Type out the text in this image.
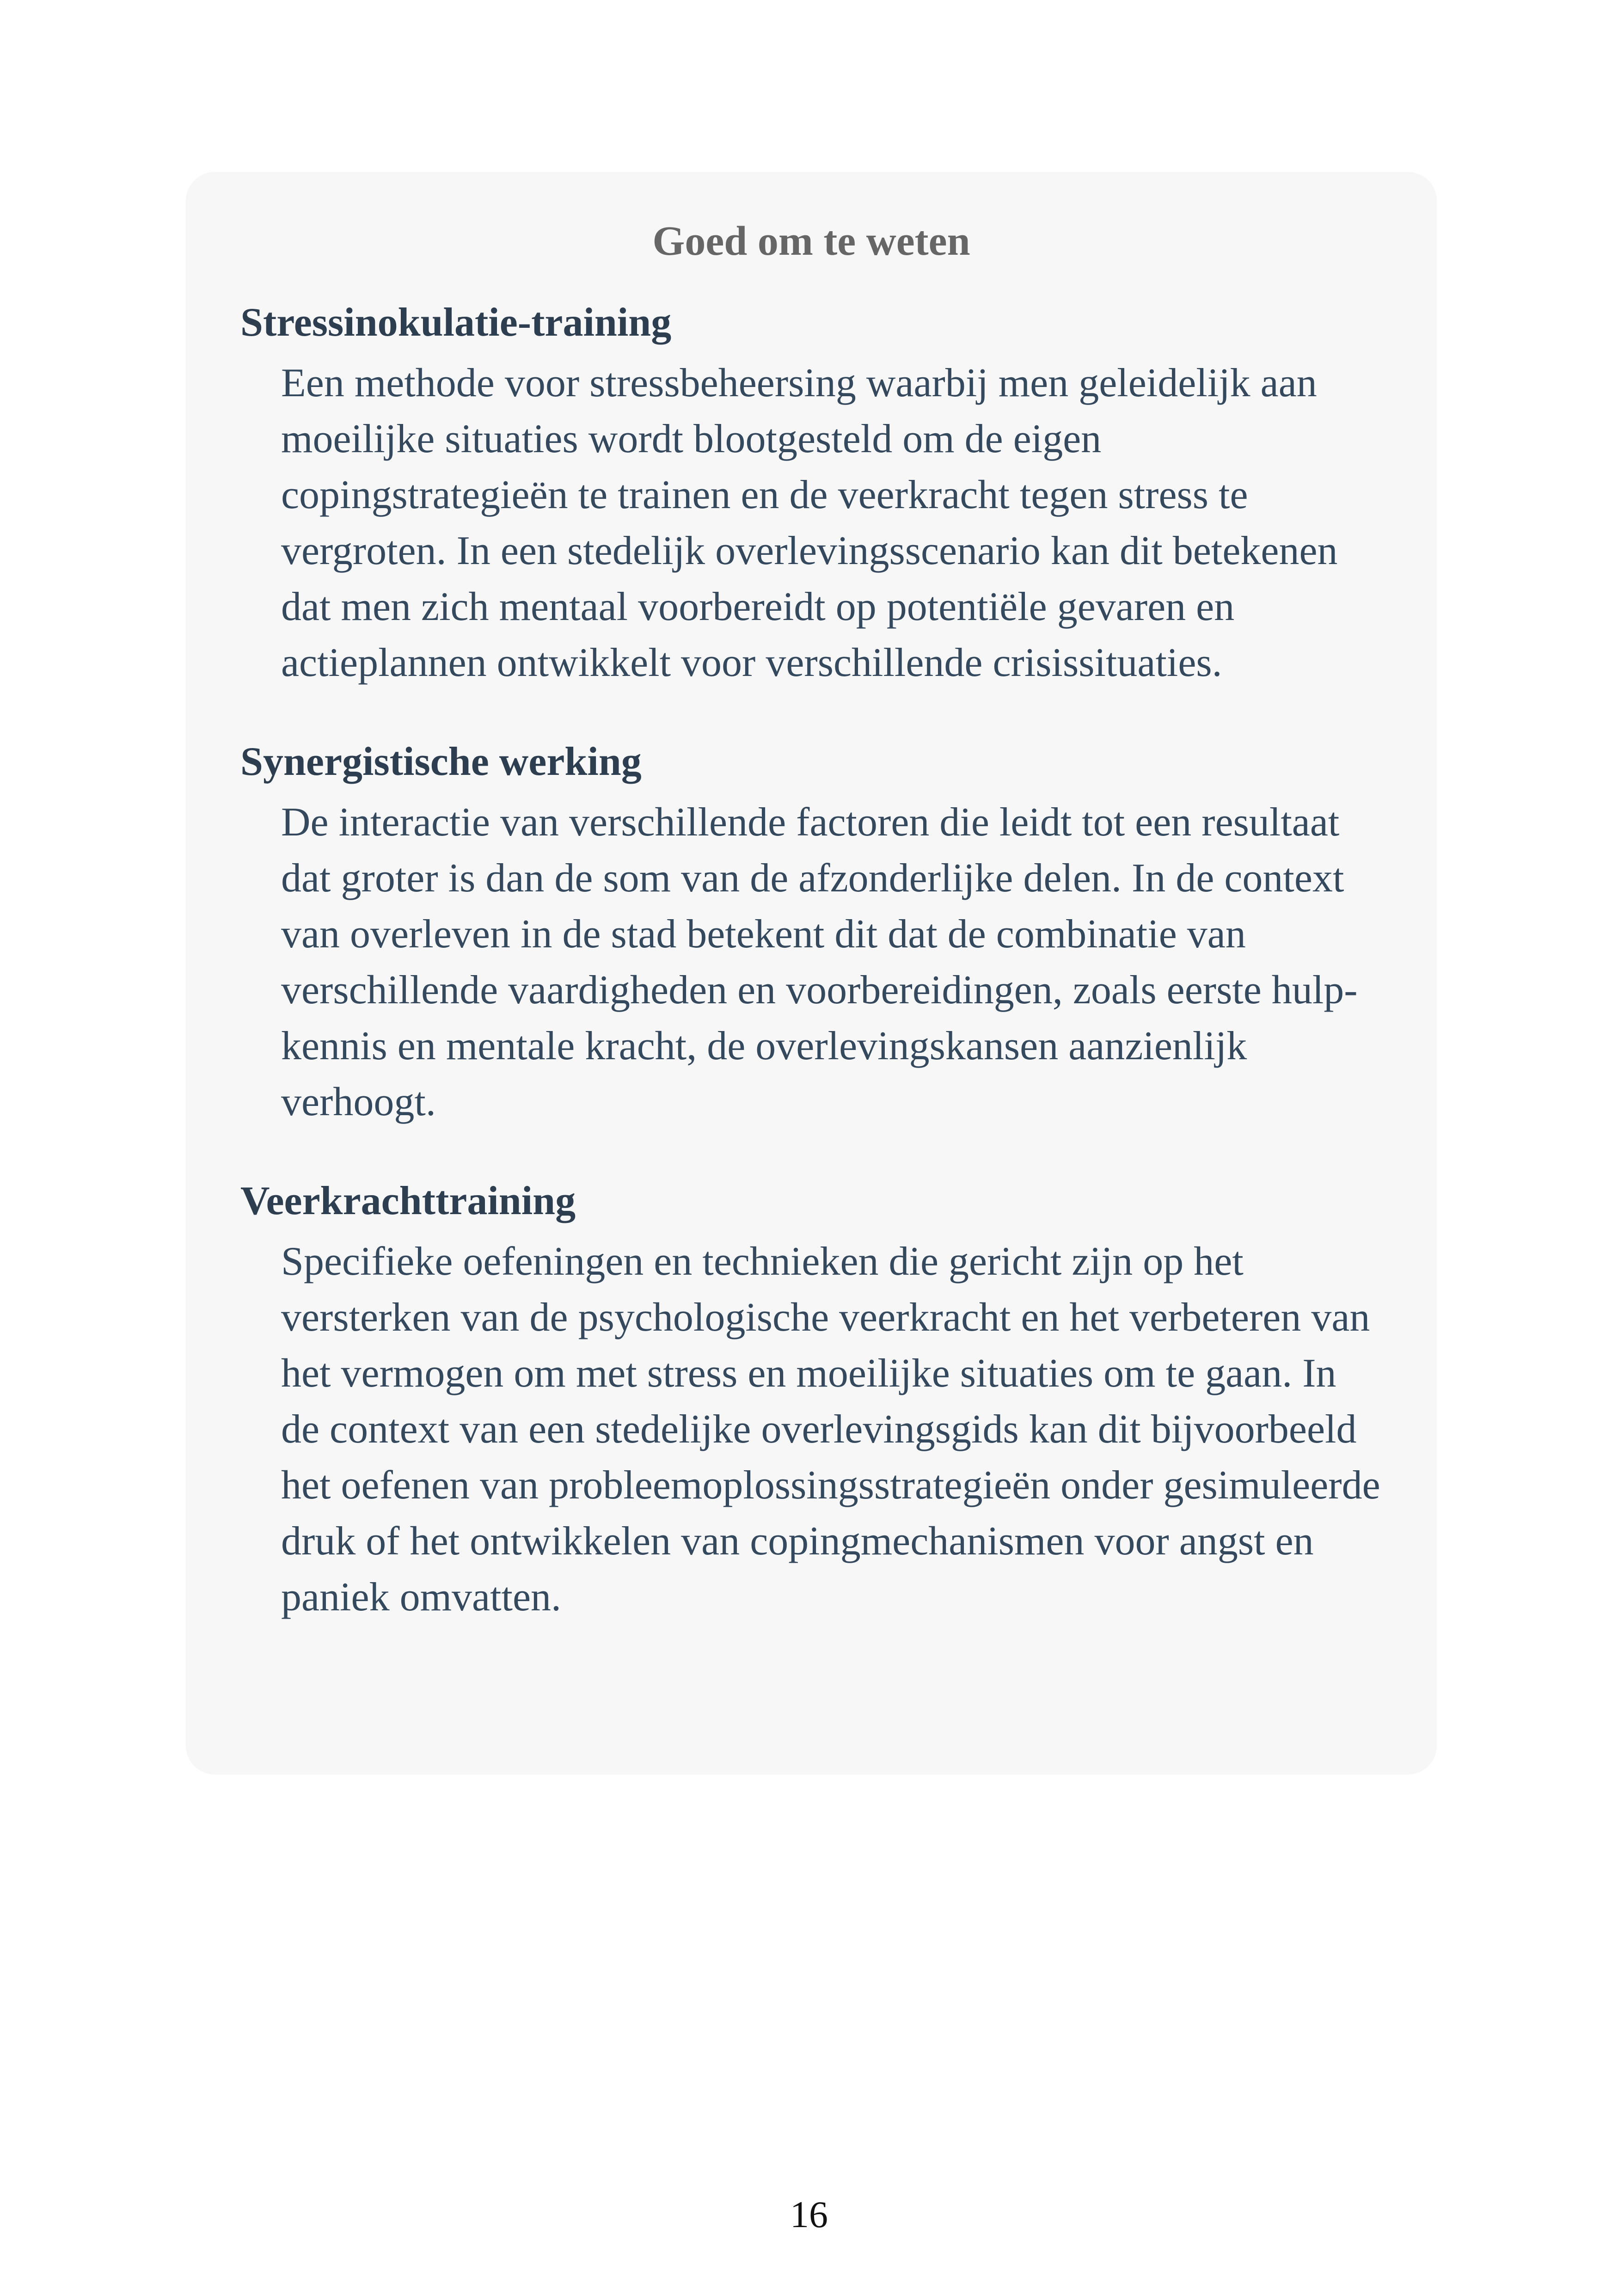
Goed om te weten
Stressinokulatie-training
Een methode voor stressbeheersing waarbij men geleidelijk aan moeilijke situaties wordt blootgesteld om de eigen copingstrategieën te trainen en de veerkracht tegen stress te vergroten. In een stedelijk overlevingsscenario kan dit betekenen dat men zich mentaal voorbereidt op potentiële gevaren en actieplannen ontwikkelt voor verschillende crisissituaties.
Synergistische werking
De interactie van verschillende factoren die leidt tot een resultaat dat groter is dan de som van de afzonderlijke delen. In de context van overleven in de stad betekent dit dat de combinatie van verschillende vaardigheden en voorbereidingen, zoals eerste hulp-kennis en mentale kracht, de overlevingskansen aanzienlijk verhoogt.
Veerkrachttraining
Specifieke oefeningen en technieken die gericht zijn op het versterken van de psychologische veerkracht en het verbeteren van het vermogen om met stress en moeilijke situaties om te gaan. In de context van een stedelijke overlevingsgids kan dit bijvoorbeeld het oefenen van probleemoplossingsstrategieën onder gesimuleerde druk of het ontwikkelen van copingmechanismen voor angst en paniek omvatten.
16
